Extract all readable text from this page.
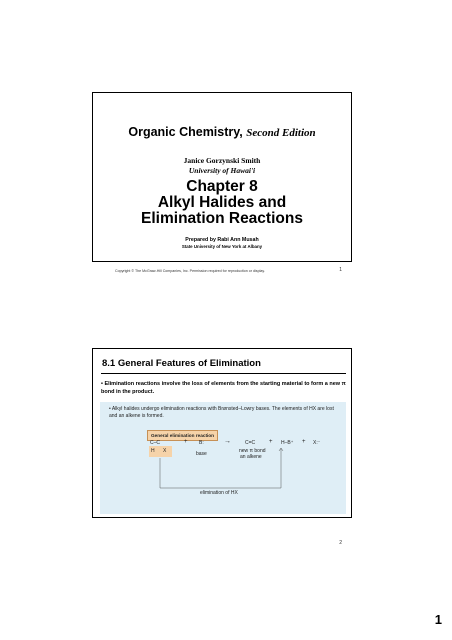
Organic Chemistry, Second Edition
Janice Gorzynski Smith
University of Hawai'i
Chapter 8
Alkyl Halides and
Elimination Reactions
Prepared by Rabi Ann Musah
State University of New York at Albany
Copyright © The McGraw-Hill Companies, Inc. Permission required for reproduction or display.	1
8.1 General Features of Elimination
• Elimination reactions involve the loss of elements from the starting material to form a new π bond in the product.
• Alkyl halides undergo elimination reactions with Brønsted–Lowry bases. The elements of HX are lost and an alkene is formed.
General elimination reaction
C–C
H X
+ B:
base
→	C=C
new π bond
an alkene
+ H–B⁺ + X:⁻
elimination of HX
2
1
